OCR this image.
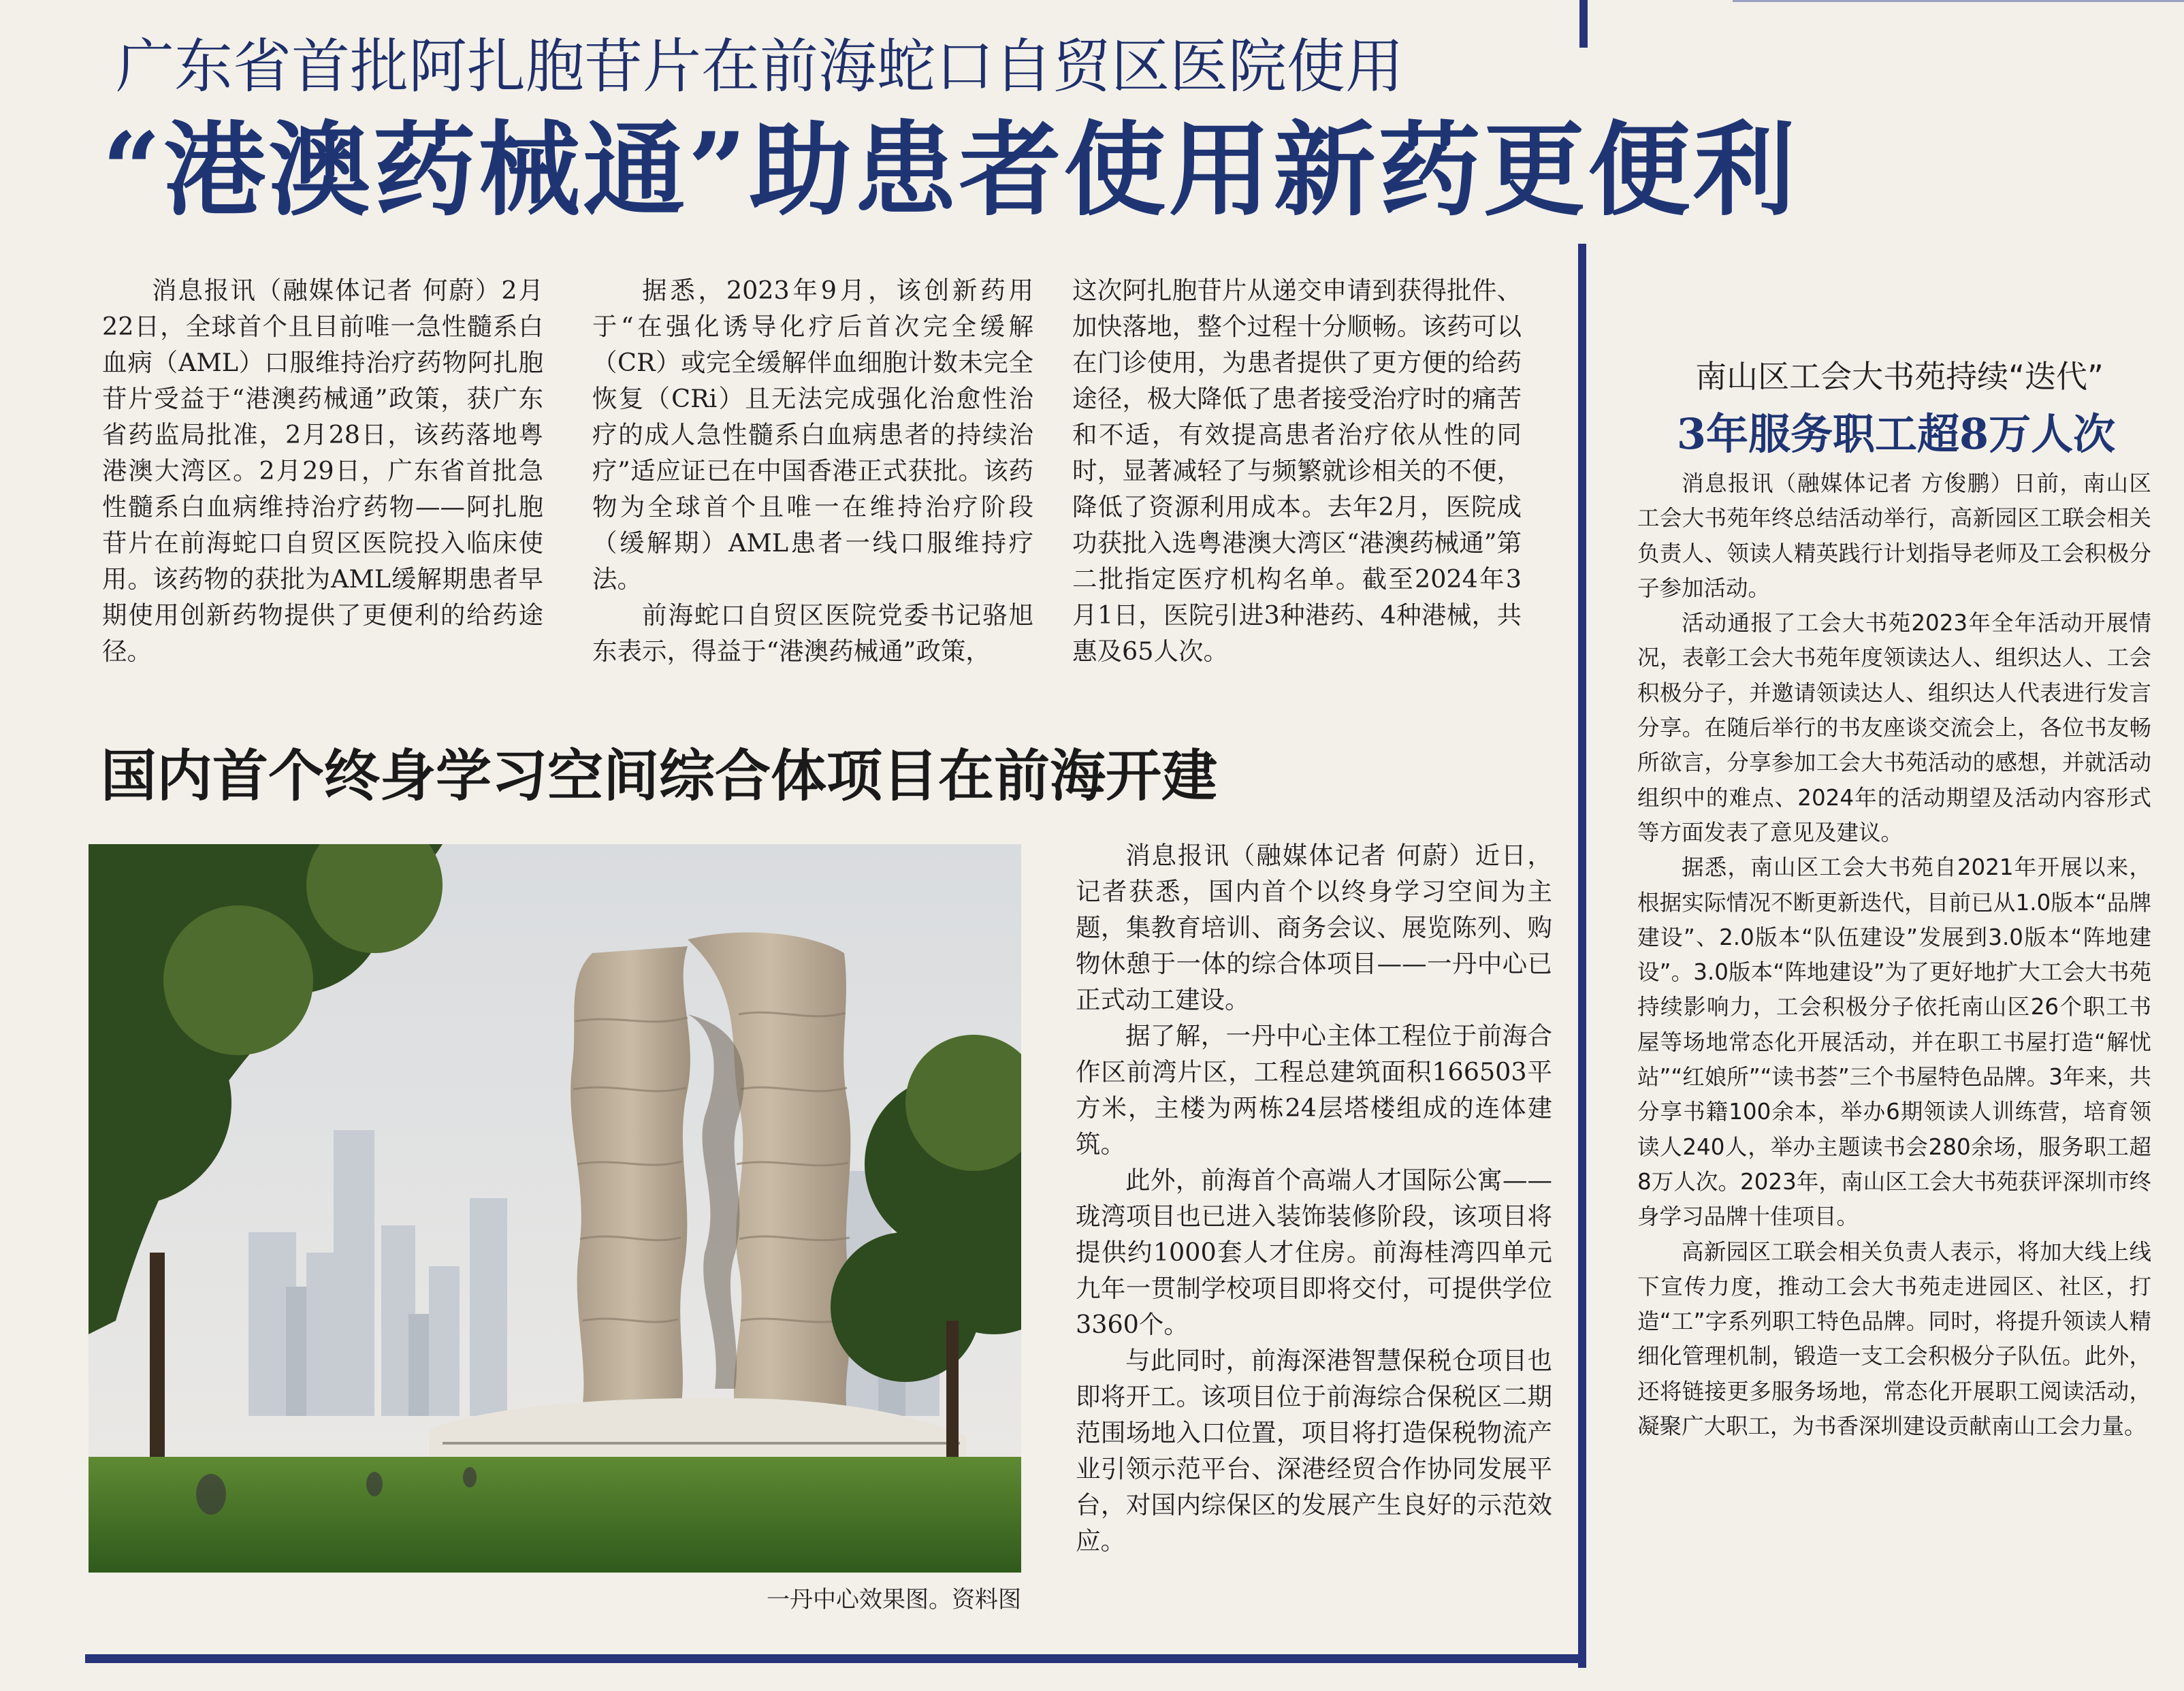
广东省首批阿扎胞苷片在前海蛇口自贸区医院使用
“港澳药械通”助患者使用新药更便利

消息报讯（融媒体记者 何蔚）2月22日，全球首个且目前唯一急性髓系白血病（AML）口服维持治疗药物阿扎胞苷片受益于“港澳药械通”政策，获广东省药监局批准，2月28日，该药落地粤港澳大湾区。2月29日，广东省首批急性髓系白血病维持治疗药物——阿扎胞苷片在前海蛇口自贸区医院投入临床使用。该药物的获批为AML缓解期患者早期使用创新药物提供了更便利的给药途径。

据悉，2023年9月，该创新药用于“在强化诱导化疗后首次完全缓解（CR）或完全缓解伴血细胞计数未完全恢复（CRi）且无法完成强化治愈性治疗的成人急性髓系白血病患者的持续治疗”适应证已在中国香港正式获批。该药物为全球首个且唯一在维持治疗阶段（缓解期）AML患者一线口服维持疗法。

前海蛇口自贸区医院党委书记骆旭东表示，得益于“港澳药械通”政策，

这次阿扎胞苷片从递交申请到获得批件、加快落地，整个过程十分顺畅。该药可以在门诊使用，为患者提供了更方便的给药途径，极大降低了患者接受治疗时的痛苦和不适，有效提高患者治疗依从性的同时，显著减轻了与频繁就诊相关的不便，降低了资源利用成本。去年2月，医院成功获批入选粤港澳大湾区“港澳药械通”第二批指定医疗机构名单。截至2024年3月1日，医院引进3种港药、4种港械，共惠及65人次。

国内首个终身学习空间综合体项目在前海开建
一丹中心效果图。资料图

消息报讯（融媒体记者 何蔚）近日，记者获悉，国内首个以终身学习空间为主题，集教育培训、商务会议、展览陈列、购物休憩于一体的综合体项目——一丹中心已正式动工建设。

据了解，一丹中心主体工程位于前海合作区前湾片区，工程总建筑面积166503平方米，主楼为两栋24层塔楼组成的连体建筑。

此外，前海首个高端人才国际公寓——珑湾项目也已进入装饰装修阶段，该项目将提供约1000套人才住房。前海桂湾四单元九年一贯制学校项目即将交付，可提供学位3360个。

与此同时，前海深港智慧保税仓项目也即将开工。该项目位于前海综合保税区二期范围场地入口位置，项目将打造保税物流产业引领示范平台、深港经贸合作协同发展平台，对国内综保区的发展产生良好的示范效应。

南山区工会大书苑持续“迭代”
3年服务职工超8万人次

消息报讯（融媒体记者 方俊鹏）日前，南山区工会大书苑年终总结活动举行，高新园区工联会相关负责人、领读人精英践行计划指导老师及工会积极分子参加活动。

活动通报了工会大书苑2023年全年活动开展情况，表彰工会大书苑年度领读达人、组织达人、工会积极分子，并邀请领读达人、组织达人代表进行发言分享。在随后举行的书友座谈交流会上，各位书友畅所欲言，分享参加工会大书苑活动的感想，并就活动组织中的难点、2024年的活动期望及活动内容形式等方面发表了意见及建议。

据悉，南山区工会大书苑自2021年开展以来，根据实际情况不断更新迭代，目前已从1.0版本“品牌建设”、2.0版本“队伍建设”发展到3.0版本“阵地建设”。3.0版本“阵地建设”为了更好地扩大工会大书苑持续影响力，工会积极分子依托南山区26个职工书屋等场地常态化开展活动，并在职工书屋打造“解忧站”“红娘所”“读书荟”三个书屋特色品牌。3年来，共分享书籍100余本，举办6期领读人训练营，培育领读人240人，举办主题读书会280余场，服务职工超8万人次。2023年，南山区工会大书苑获评深圳市终身学习品牌十佳项目。

高新园区工联会相关负责人表示，将加大线上线下宣传力度，推动工会大书苑走进园区、社区，打造“工”字系列职工特色品牌。同时，将提升领读人精细化管理机制，锻造一支工会积极分子队伍。此外，还将链接更多服务场地，常态化开展职工阅读活动，凝聚广大职工，为书香深圳建设贡献南山工会力量。
